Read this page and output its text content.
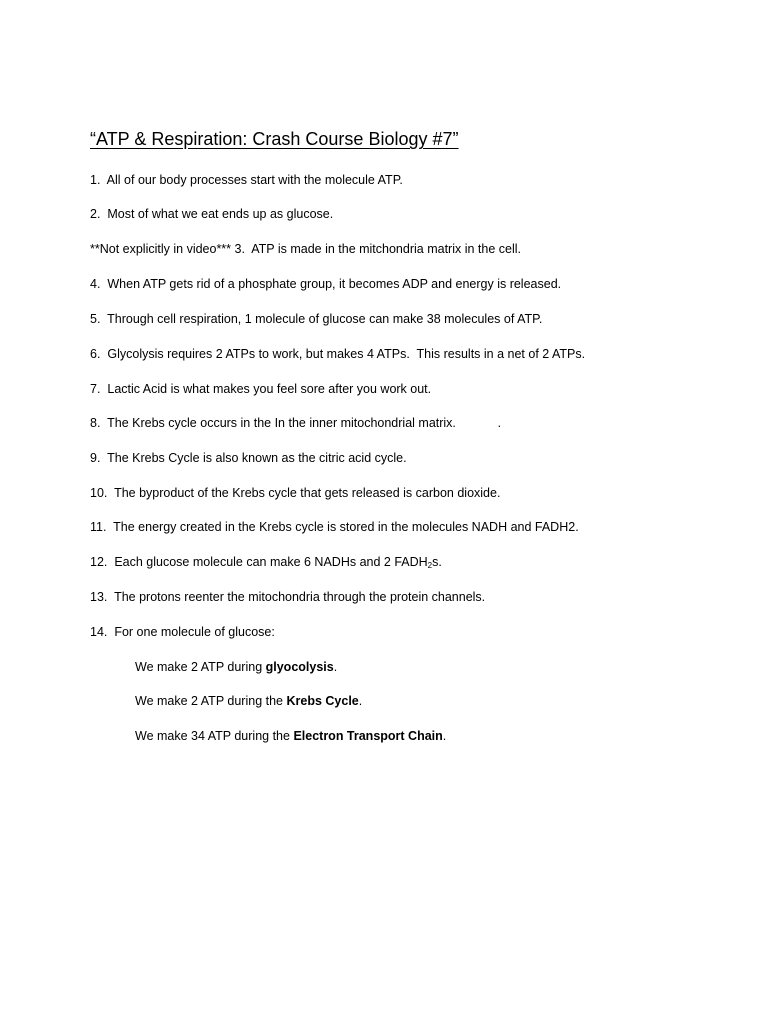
“ATP & Respiration: Crash Course Biology #7”
1.  All of our body processes start with the molecule ATP.
2.  Most of what we eat ends up as glucose.
**Not explicitly in video*** 3.  ATP is made in the mitchondria matrix in the cell.
4.  When ATP gets rid of a phosphate group, it becomes ADP and energy is released.
5.  Through cell respiration, 1 molecule of glucose can make 38 molecules of ATP.
6.  Glycolysis requires 2 ATPs to work, but makes 4 ATPs.  This results in a net of 2 ATPs.
7.  Lactic Acid is what makes you feel sore after you work out.
8.  The Krebs cycle occurs in the In the inner mitochondrial matrix.            .
9.  The Krebs Cycle is also known as the citric acid cycle.
10.  The byproduct of the Krebs cycle that gets released is carbon dioxide.
11.  The energy created in the Krebs cycle is stored in the molecules NADH and FADH2.
12.  Each glucose molecule can make 6 NADHs and 2 $FADH_2s$.
13.  The protons reenter the mitochondria through the protein channels.
14.  For one molecule of glucose:
We make 2 ATP during glyocolysis.
We make 2 ATP during the Krebs Cycle.
We make 34 ATP during the Electron Transport Chain.
